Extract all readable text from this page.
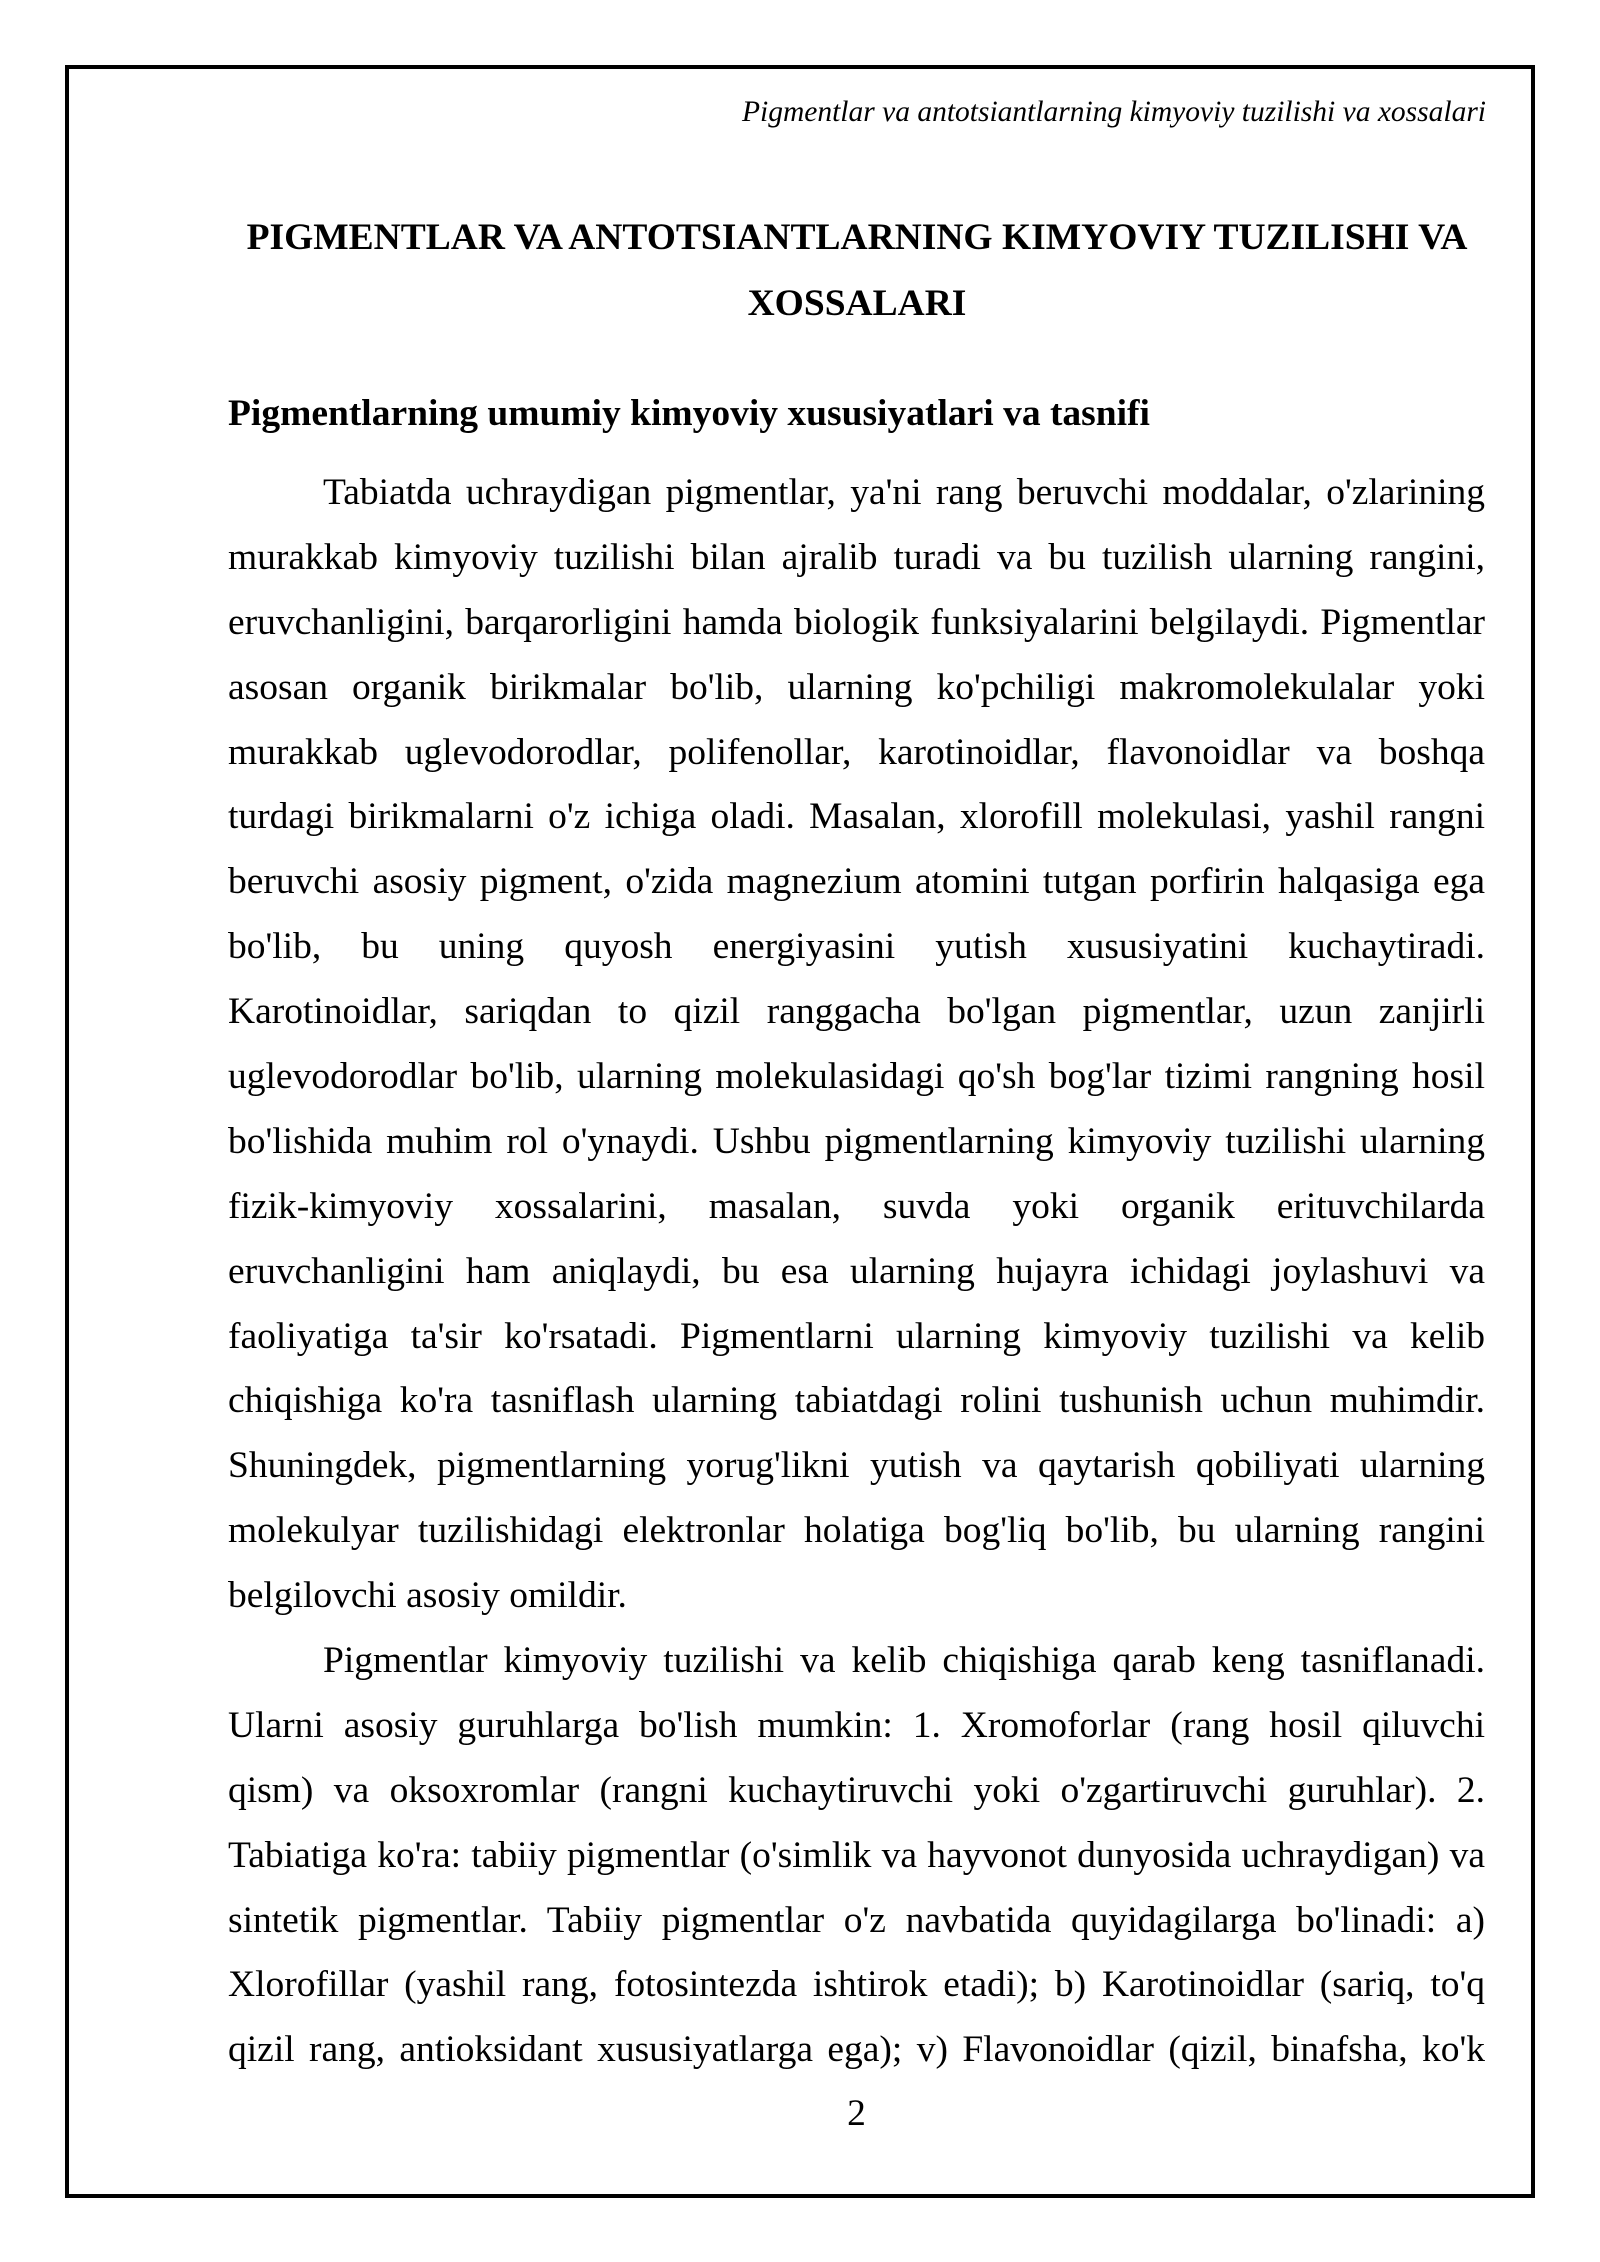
Pigmentlar va antotsiantlarning kimyoviy tuzilishi va xossalari
PIGMENTLAR VA ANTOTSIANTLARNING KIMYOVIY TUZILISHI VA XOSSALARI
Pigmentlarning umumiy kimyoviy xususiyatlari va tasnifi
Tabiatda uchraydigan pigmentlar, ya'ni rang beruvchi moddalar, o'zlarining
murakkab kimyoviy tuzilishi bilan ajralib turadi va bu tuzilish ularning rangini,
eruvchanligini, barqarorligini hamda biologik funksiyalarini belgilaydi. Pigmentlar
asosan organik birikmalar bo'lib, ularning ko'pchiligi makromolekulalar yoki
murakkab uglevodorodlar, polifenollar, karotinoidlar, flavonoidlar va boshqa
turdagi birikmalarni o'z ichiga oladi. Masalan, xlorofill molekulasi, yashil rangni
beruvchi asosiy pigment, o'zida magnezium atomini tutgan porfirin halqasiga ega
bo'lib, bu uning quyosh energiyasini yutish xususiyatini kuchaytiradi.
Karotinoidlar, sariqdan to qizil ranggacha bo'lgan pigmentlar, uzun zanjirli
uglevodorodlar bo'lib, ularning molekulasidagi qo'sh bog'lar tizimi rangning hosil
bo'lishida muhim rol o'ynaydi. Ushbu pigmentlarning kimyoviy tuzilishi ularning
fizik-kimyoviy xossalarini, masalan, suvda yoki organik erituvchilarda
eruvchanligini ham aniqlaydi, bu esa ularning hujayra ichidagi joylashuvi va
faoliyatiga ta'sir ko'rsatadi. Pigmentlarni ularning kimyoviy tuzilishi va kelib
chiqishiga ko'ra tasniflash ularning tabiatdagi rolini tushunish uchun muhimdir.
Shuningdek, pigmentlarning yorug'likni yutish va qaytarish qobiliyati ularning
molekulyar tuzilishidagi elektronlar holatiga bog'liq bo'lib, bu ularning rangini
belgilovchi asosiy omildir.
Pigmentlar kimyoviy tuzilishi va kelib chiqishiga qarab keng tasniflanadi.
Ularni asosiy guruhlarga bo'lish mumkin: 1. Xromoforlar (rang hosil qiluvchi
qism) va oksoxromlar (rangni kuchaytiruvchi yoki o'zgartiruvchi guruhlar). 2.
Tabiatiga ko'ra: tabiiy pigmentlar (o'simlik va hayvonot dunyosida uchraydigan) va
sintetik pigmentlar. Tabiiy pigmentlar o'z navbatida quyidagilarga bo'linadi: a)
Xlorofillar (yashil rang, fotosintezda ishtirok etadi); b) Karotinoidlar (sariq, to'q
qizil rang, antioksidant xususiyatlarga ega); v) Flavonoidlar (qizil, binafsha, ko'k
2
